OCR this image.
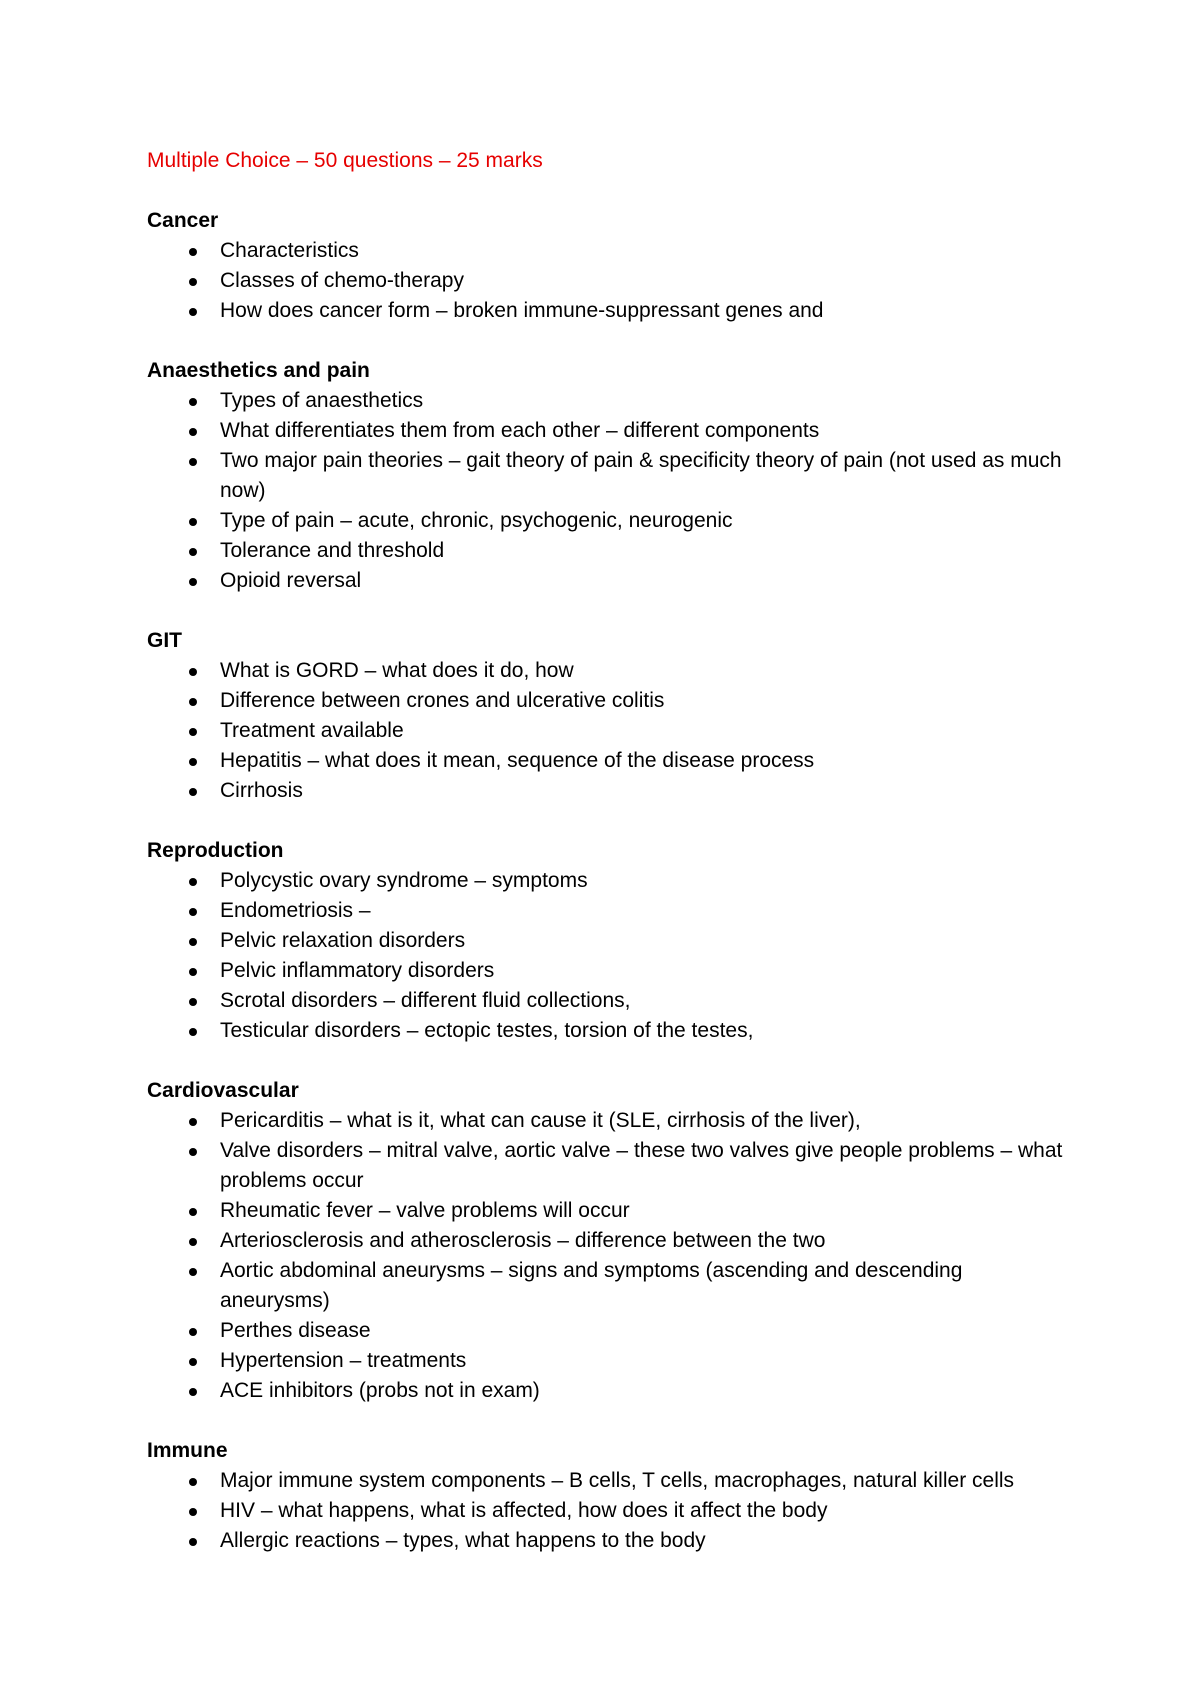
Multiple Choice – 50 questions – 25 marks
Cancer
Characteristics
Classes of chemo-therapy
How does cancer form – broken immune-suppressant genes and
Anaesthetics and pain
Types of anaesthetics
What differentiates them from each other – different components
Two major pain theories – gait theory of pain & specificity theory of pain (not used as much now)
Type of pain – acute, chronic, psychogenic, neurogenic
Tolerance and threshold
Opioid reversal
GIT
What is GORD – what does it do, how
Difference between crones and ulcerative colitis
Treatment available
Hepatitis – what does it mean, sequence of the disease process
Cirrhosis
Reproduction
Polycystic ovary syndrome – symptoms
Endometriosis –
Pelvic relaxation disorders
Pelvic inflammatory disorders
Scrotal disorders – different fluid collections,
Testicular disorders – ectopic testes, torsion of the testes,
Cardiovascular
Pericarditis – what is it, what can cause it (SLE, cirrhosis of the liver),
Valve disorders – mitral valve, aortic valve – these two valves give people problems – what problems occur
Rheumatic fever – valve problems will occur
Arteriosclerosis and atherosclerosis – difference between the two
Aortic abdominal aneurysms – signs and symptoms (ascending and descending aneurysms)
Perthes disease
Hypertension – treatments
ACE inhibitors (probs not in exam)
Immune
Major immune system components – B cells, T cells, macrophages, natural killer cells
HIV – what happens, what is affected, how does it affect the body
Allergic reactions – types, what happens to the body
